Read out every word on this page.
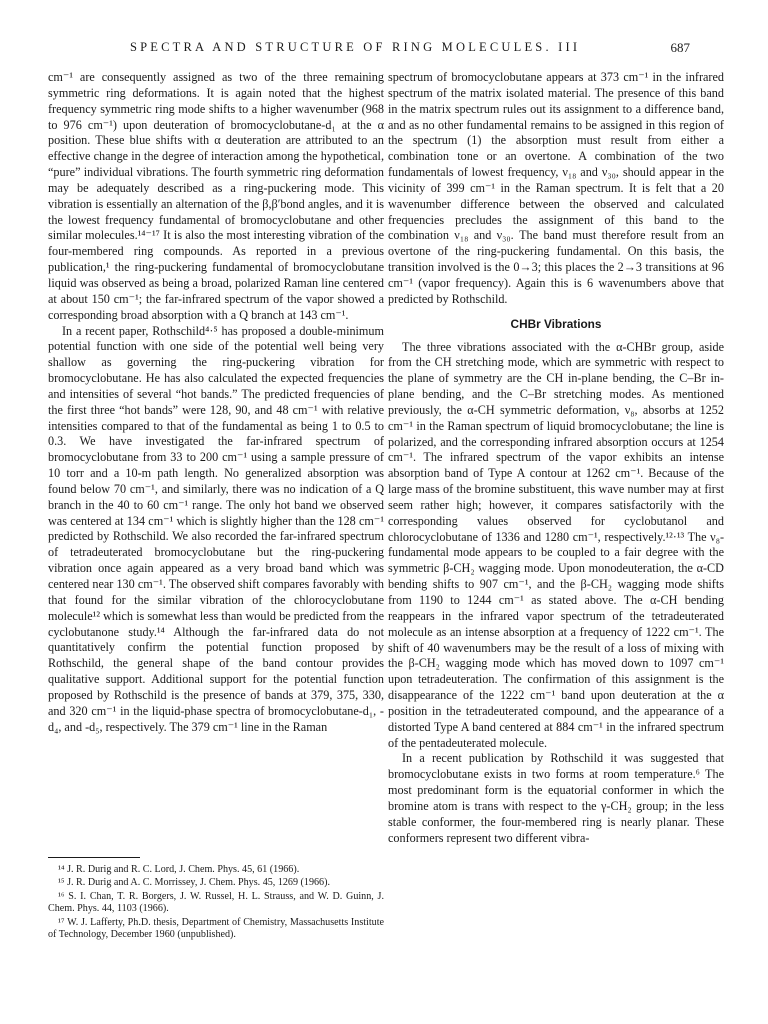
SPECTRA AND STRUCTURE OF RING MOLECULES. III	687

cm⁻¹ are consequently assigned as two of the three remaining symmetric ring deformations. It is again noted that the highest frequency symmetric ring mode shifts to a higher wavenumber (968 to 976 cm⁻¹) upon deuteration of bromocyclobutane-d₁ at the α position. These blue shifts with α deuteration are attributed to an effective change in the degree of interaction among the hypothetical, “pure” individual vibrations. The fourth symmetric ring deformation may be adequately described as a ring-puckering mode. This vibration is essentially an alternation of the β,β′bond angles, and it is the lowest frequency fundamental of bromocyclobutane and other similar molecules.¹⁴⁻¹⁷ It is also the most interesting vibration of the four-membered ring compounds. As reported in a previous publication,¹ the ring-puckering fundamental of bromocyclobutane liquid was observed as being a broad, polarized Raman line centered at about 150 cm⁻¹; the far-infrared spectrum of the vapor showed a corresponding broad absorption with a Q branch at 143 cm⁻¹.

In a recent paper, Rothschild⁴·⁵ has proposed a double-minimum potential function with one side of the potential well being very shallow as governing the ring-puckering vibration for bromocyclobutane. He has also calculated the expected frequencies and intensities of several “hot bands.” The predicted frequencies of the first three “hot bands” were 128, 90, and 48 cm⁻¹ with relative intensities compared to that of the fundamental as being 1 to 0.5 to 0.3. We have investigated the far-infrared spectrum of bromocyclobutane from 33 to 200 cm⁻¹ using a sample pressure of 10 torr and a 10-m path length. No generalized absorption was found below 70 cm⁻¹, and similarly, there was no indication of a Q branch in the 40 to 60 cm⁻¹ range. The only hot band we observed was centered at 134 cm⁻¹ which is slightly higher than the 128 cm⁻¹ predicted by Rothschild. We also recorded the far-infrared spectrum of tetradeuterated bromocyclobutane but the ring-puckering vibration once again appeared as a very broad band which was centered near 130 cm⁻¹. The observed shift compares favorably with that found for the similar vibration of the chlorocyclobutane molecule¹² which is somewhat less than would be predicted from the cyclobutanone study.¹⁴ Although the far-infrared data do not quantitatively confirm the potential function proposed by Rothschild, the general shape of the band contour provides qualitative support. Additional support for the potential function proposed by Rothschild is the presence of bands at 379, 375, 330, and 320 cm⁻¹ in the liquid-phase spectra of bromocyclobutane-d₁, -d₄, and -d₅, respectively. The 379 cm⁻¹ line in the Raman

¹⁴ J. R. Durig and R. C. Lord, J. Chem. Phys. 45, 61 (1966).

¹⁵ J. R. Durig and A. C. Morrissey, J. Chem. Phys. 45, 1269 (1966).

¹⁶ S. I. Chan, T. R. Borgers, J. W. Russel, H. L. Strauss, and W. D. Guinn, J. Chem. Phys. 44, 1103 (1966).

¹⁷ W. J. Lafferty, Ph.D. thesis, Department of Chemistry, Massachusetts Institute of Technology, December 1960 (unpublished).

spectrum of bromocyclobutane appears at 373 cm⁻¹ in the infrared spectrum of the matrix isolated material. The presence of this band in the matrix spectrum rules out its assignment to a difference band, and as no other fundamental remains to be assigned in this region of the spectrum (1) the absorption must result from either a combination tone or an overtone. A combination of the two fundamentals of lowest frequency, ν₁₈ and ν₃₀, should appear in the vicinity of 399 cm⁻¹ in the Raman spectrum. It is felt that a 20 wavenumber difference between the observed and calculated frequencies precludes the assignment of this band to the combination ν₁₈ and ν₃₀. The band must therefore result from an overtone of the ring-puckering fundamental. On this basis, the transition involved is the 0→3; this places the 2→3 transitions at 96 cm⁻¹ (vapor frequency). Again this is 6 wavenumbers above that predicted by Rothschild.

CHBr Vibrations

The three vibrations associated with the α-CHBr group, aside from the CH stretching mode, which are symmetric with respect to the plane of symmetry are the CH in-plane bending, the C–Br in-plane bending, and the C–Br stretching modes. As mentioned previously, the α-CH symmetric deformation, ν₈, absorbs at 1252 cm⁻¹ in the Raman spectrum of liquid bromocyclobutane; the line is polarized, and the corresponding infrared absorption occurs at 1254 cm⁻¹. The infrared spectrum of the vapor exhibits an intense absorption band of Type A contour at 1262 cm⁻¹. Because of the large mass of the bromine substituent, this wave number may at first seem rather high; however, it compares satisfactorily with the corresponding values observed for cyclobutanol and chlorocyclobutane of 1336 and 1280 cm⁻¹, respectively.¹²·¹³ The ν₈-fundamental mode appears to be coupled to a fair degree with the symmetric β-CH₂ wagging mode. Upon monodeuteration, the α-CD bending shifts to 907 cm⁻¹, and the β-CH₂ wagging mode shifts from 1190 to 1244 cm⁻¹ as stated above. The α-CH bending reappears in the infrared vapor spectrum of the tetradeuterated molecule as an intense absorption at a frequency of 1222 cm⁻¹. The shift of 40 wavenumbers may be the result of a loss of mixing with the β-CH₂ wagging mode which has moved down to 1097 cm⁻¹ upon tetradeuteration. The confirmation of this assignment is the disappearance of the 1222 cm⁻¹ band upon deuteration at the α position in the tetradeuterated compound, and the appearance of a distorted Type A band centered at 884 cm⁻¹ in the infrared spectrum of the pentadeuterated molecule.

In a recent publication by Rothschild it was suggested that bromocyclobutane exists in two forms at room temperature.⁶ The most predominant form is the equatorial conformer in which the bromine atom is trans with respect to the γ-CH₂ group; in the less stable conformer, the four-membered ring is nearly planar. These conformers represent two different vibra-
